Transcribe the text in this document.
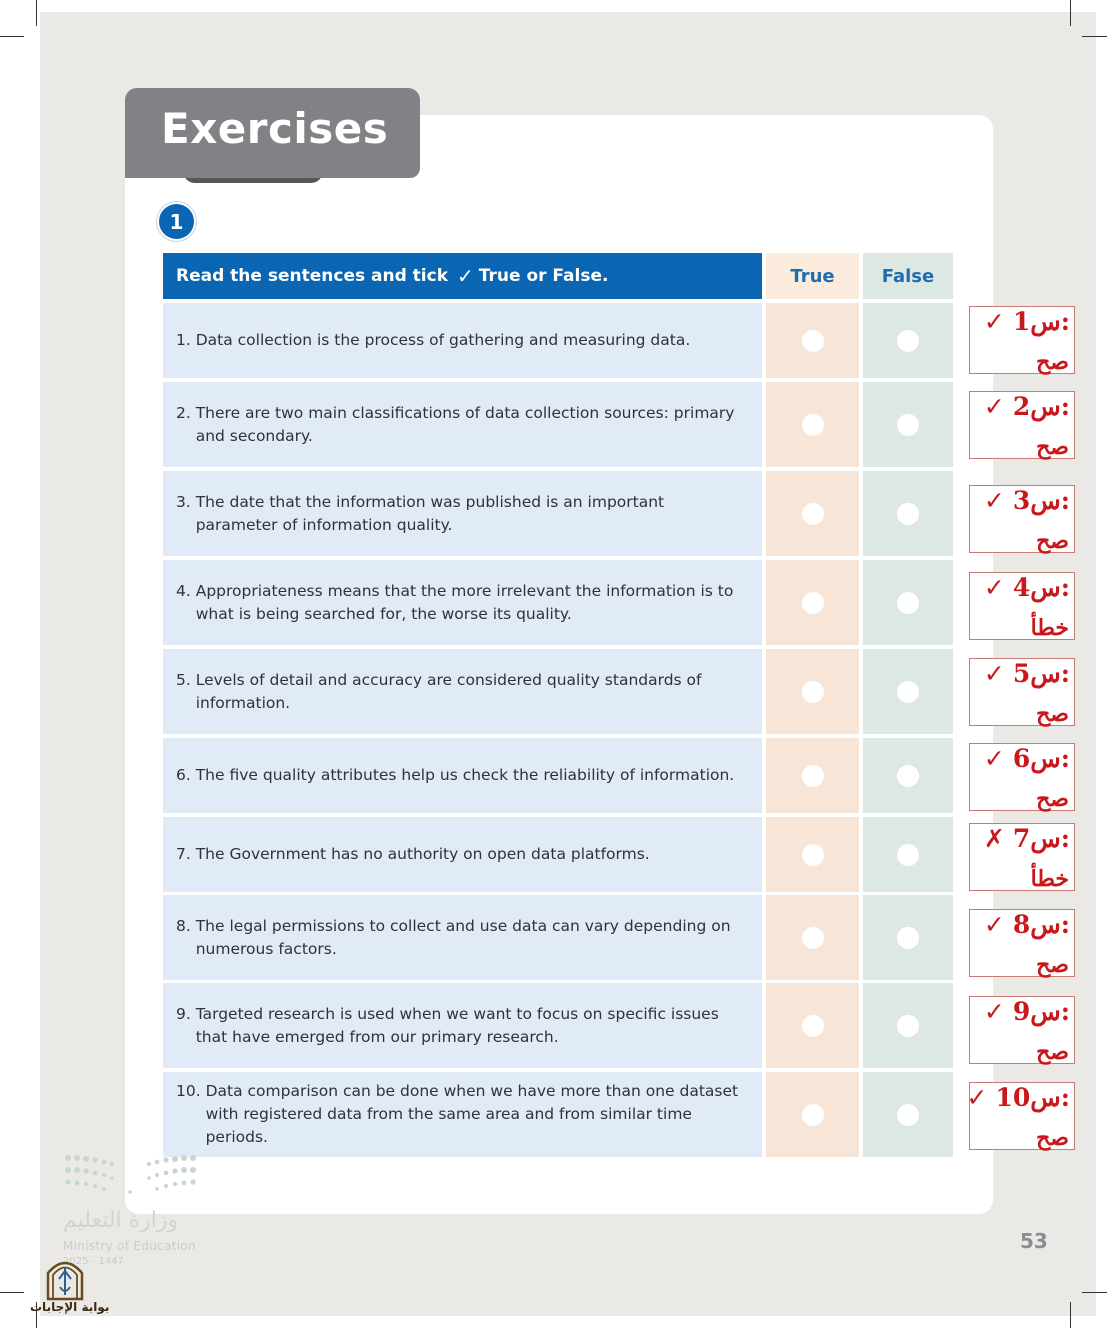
Exercises
1
Read the sentences and tick ✓ True or False.	True	False
1. Data collection is the process of gathering and measuring data.
2. There are two main classifications of data collection sources: primary and secondary.
3. The date that the information was published is an important parameter of information quality.
4. Appropriateness means that the more irrelevant the information is to what is being searched for, the worse its quality.
5. Levels of detail and accuracy are considered quality standards of information.
6. The five quality attributes help us check the reliability of information.
7. The Government has no authority on open data platforms.
8. The legal permissions to collect and use data can vary depending on numerous factors.
9. Targeted research is used when we want to focus on specific issues that have emerged from our primary research.
10. Data comparison can be done when we have more than one dataset with registered data from the same area and from similar time periods.
✓ س1:
صح
✓ س2:
صح
✓ س3:
صح
✓ س4:
خطأ
✓ س5:
صح
✓ س6:
صح
✗ س7:
خطأ
✓ س8:
صح
✓ س9:
صح
✓ س10:
صح
53
وزارة التعليم
Ministry of Education
2025 - 1447
بوابة الإجابات
